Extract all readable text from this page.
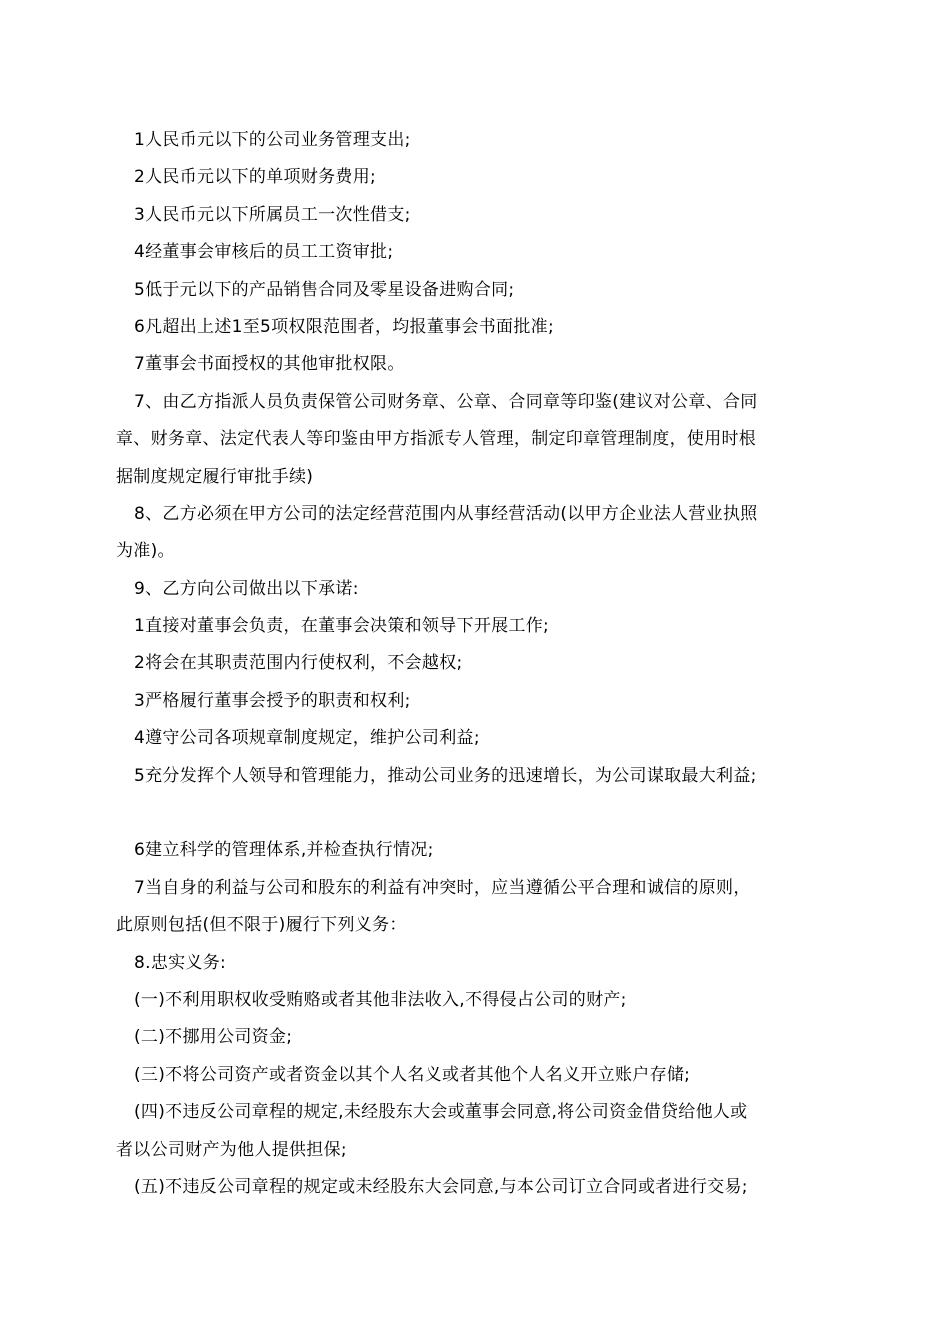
1人民币元以下的公司业务管理支出;
2人民币元以下的单项财务费用;
3人民币元以下所属员工一次性借支;
4经董事会审核后的员工工资审批;
5低于元以下的产品销售合同及零星设备进购合同;
6凡超出上述1至5项权限范围者，均报董事会书面批准;
7董事会书面授权的其他审批权限。
7、由乙方指派人员负责保管公司财务章、公章、合同章等印鉴(建议对公章、合同
章、财务章、法定代表人等印鉴由甲方指派专人管理，制定印章管理制度，使用时根
据制度规定履行审批手续)
8、乙方必须在甲方公司的法定经营范围内从事经营活动(以甲方企业法人营业执照
为准)。
9、乙方向公司做出以下承诺:
1直接对董事会负责，在董事会决策和领导下开展工作;
2将会在其职责范围内行使权利，不会越权;
3严格履行董事会授予的职责和权利;
4遵守公司各项规章制度规定，维护公司利益;
5充分发挥个人领导和管理能力，推动公司业务的迅速增长，为公司谋取最大利益;
6建立科学的管理体系,并检查执行情况;
7当自身的利益与公司和股东的利益有冲突时，应当遵循公平合理和诚信的原则，
此原则包括(但不限于)履行下列义务：
8.忠实义务:
(一)不利用职权收受贿赂或者其他非法收入,不得侵占公司的财产;
(二)不挪用公司资金;
(三)不将公司资产或者资金以其个人名义或者其他个人名义开立账户存储;
(四)不违反公司章程的规定,未经股东大会或董事会同意,将公司资金借贷给他人或
者以公司财产为他人提供担保;
(五)不违反公司章程的规定或未经股东大会同意,与本公司订立合同或者进行交易;
